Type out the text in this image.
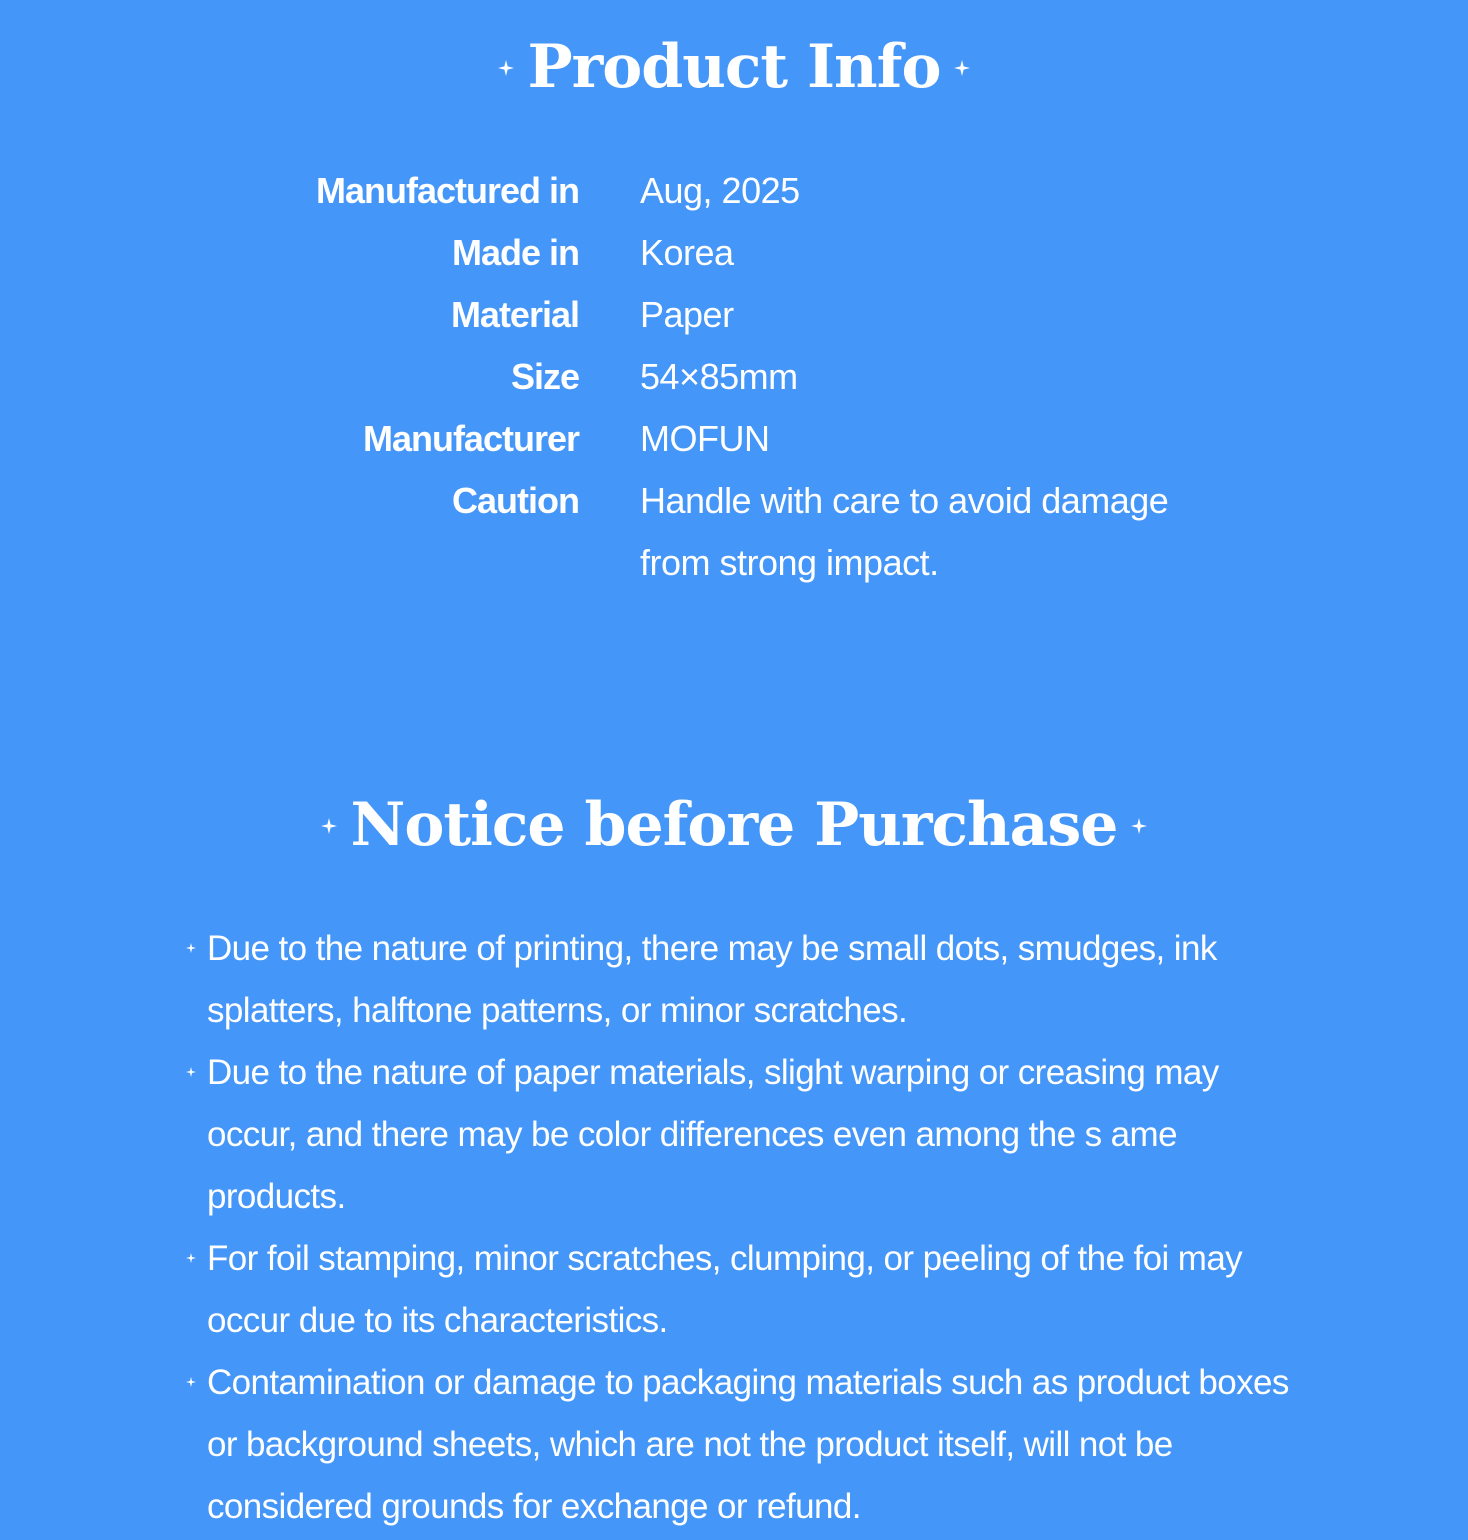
Product Info
Manufactured in Aug, 2025
Made in Korea
Material Paper
Size 54×85mm
Manufacturer MOFUN
Caution Handle with care to avoid damage from strong impact.
Notice before Purchase
Due to the nature of printing, there may be small dots, smudges, ink splatters, halftone patterns, or minor scratches.
Due to the nature of paper materials, slight warping or creasing may occur, and there may be color differences even among the s ame products.
For foil stamping, minor scratches, clumping, or peeling of the foi may occur due to its characteristics.
Contamination or damage to packaging materials such as product boxes or background sheets, which are not the product itself, will not be considered grounds for exchange or refund.
